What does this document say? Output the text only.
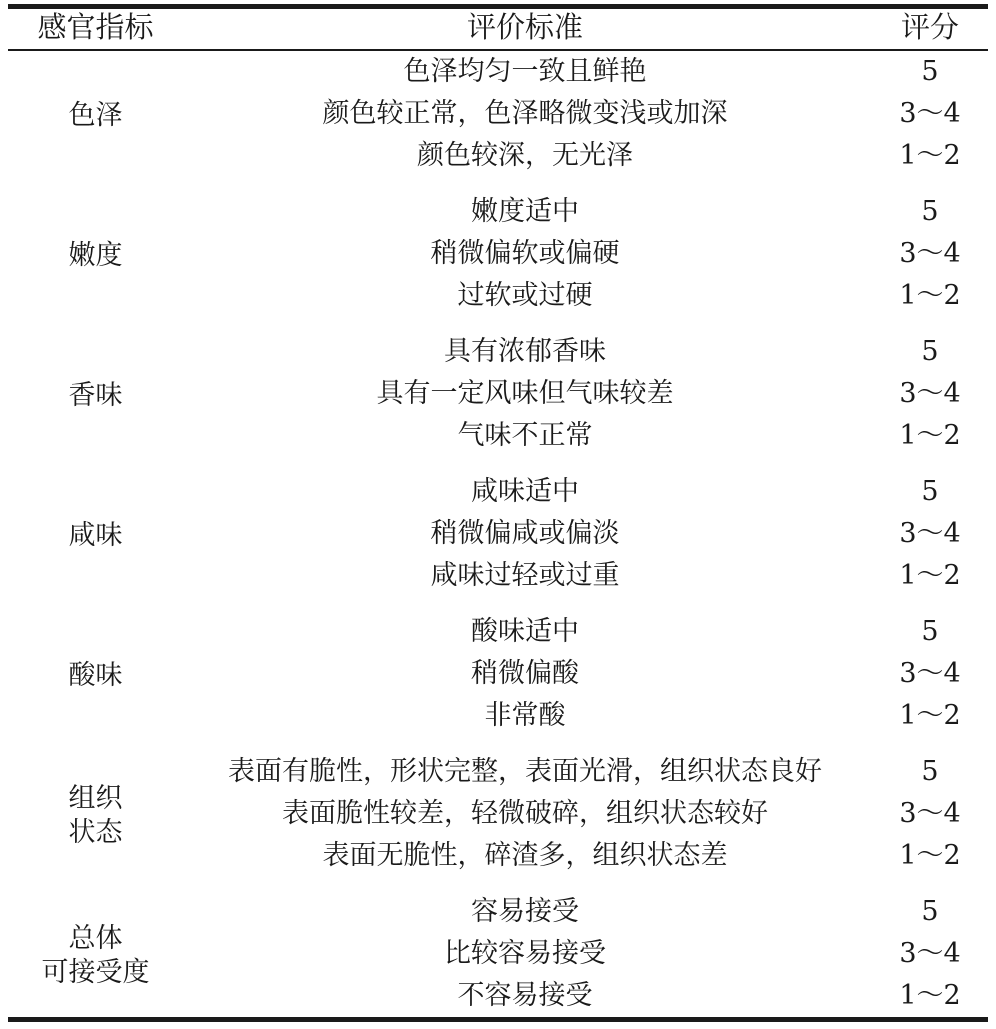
感官指标	评价标准	评分
色泽
色泽均匀一致且鲜艳	5
颜色较正常，色泽略微变浅或加深	3～4
颜色较深，无光泽	1～2
嫩度
嫩度适中	5
稍微偏软或偏硬	3～4
过软或过硬	1～2
香味
具有浓郁香味	5
具有一定风味但气味较差	3～4
气味不正常	1～2
咸味
咸味适中	5
稍微偏咸或偏淡	3～4
咸味过轻或过重	1～2
酸味
酸味适中	5
稍微偏酸	3～4
非常酸	1～2
组织
状态
表面有脆性，形状完整，表面光滑，组织状态良好	5
表面脆性较差，轻微破碎，组织状态较好	3～4
表面无脆性，碎渣多，组织状态差	1～2
总体
可接受度
容易接受	5
比较容易接受	3～4
不容易接受	1～2
